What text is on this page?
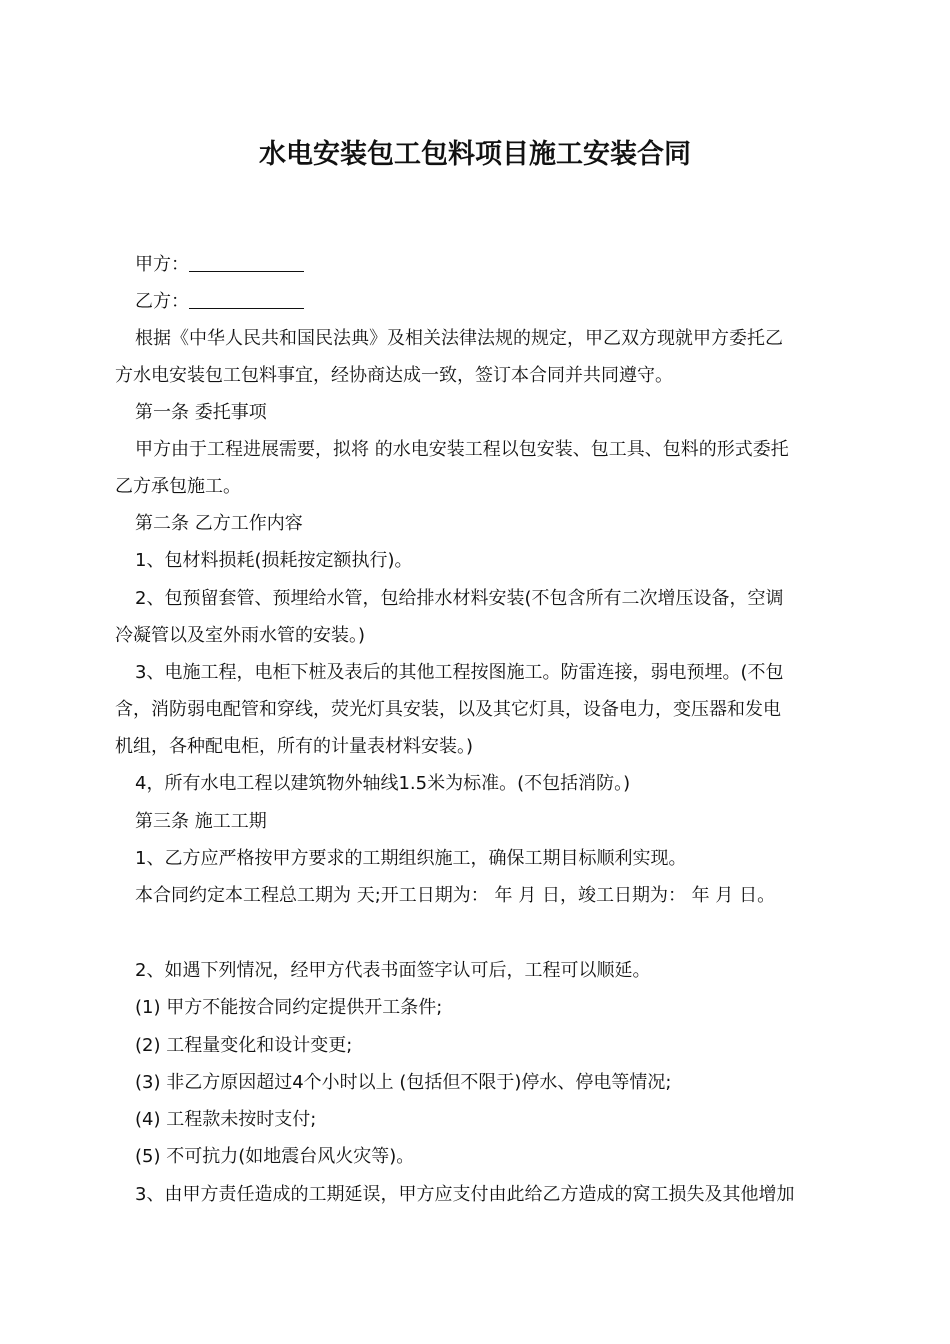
水电安装包工包料项目施工安装合同
甲方：
乙方：
根据《中华人民共和国民法典》及相关法律法规的规定，甲乙双方现就甲方委托乙
方水电安装包工包料事宜，经协商达成一致，签订本合同并共同遵守。
第一条 委托事项
甲方由于工程进展需要，拟将 的水电安装工程以包安装、包工具、包料的形式委托
乙方承包施工。
第二条 乙方工作内容
1、包材料损耗(损耗按定额执行)。
2、包预留套管、预埋给水管，包给排水材料安装(不包含所有二次增压设备，空调
冷凝管以及室外雨水管的安装。)
3、电施工程，电柜下桩及表后的其他工程按图施工。防雷连接，弱电预埋。(不包
含，消防弱电配管和穿线，荧光灯具安装，以及其它灯具，设备电力，变压器和发电
机组，各种配电柜，所有的计量表材料安装。)
4，所有水电工程以建筑物外轴线1.5米为标准。(不包括消防。)
第三条 施工工期
1、乙方应严格按甲方要求的工期组织施工，确保工期目标顺利实现。
本合同约定本工程总工期为 天;开工日期为： 年 月 日，竣工日期为： 年 月 日。
2、如遇下列情况，经甲方代表书面签字认可后，工程可以顺延。
(1) 甲方不能按合同约定提供开工条件;
(2) 工程量变化和设计变更;
(3) 非乙方原因超过4个小时以上 (包括但不限于)停水、停电等情况;
(4) 工程款未按时支付;
(5) 不可抗力(如地震台风火灾等)。
3、由甲方责任造成的工期延误，甲方应支付由此给乙方造成的窝工损失及其他增加
